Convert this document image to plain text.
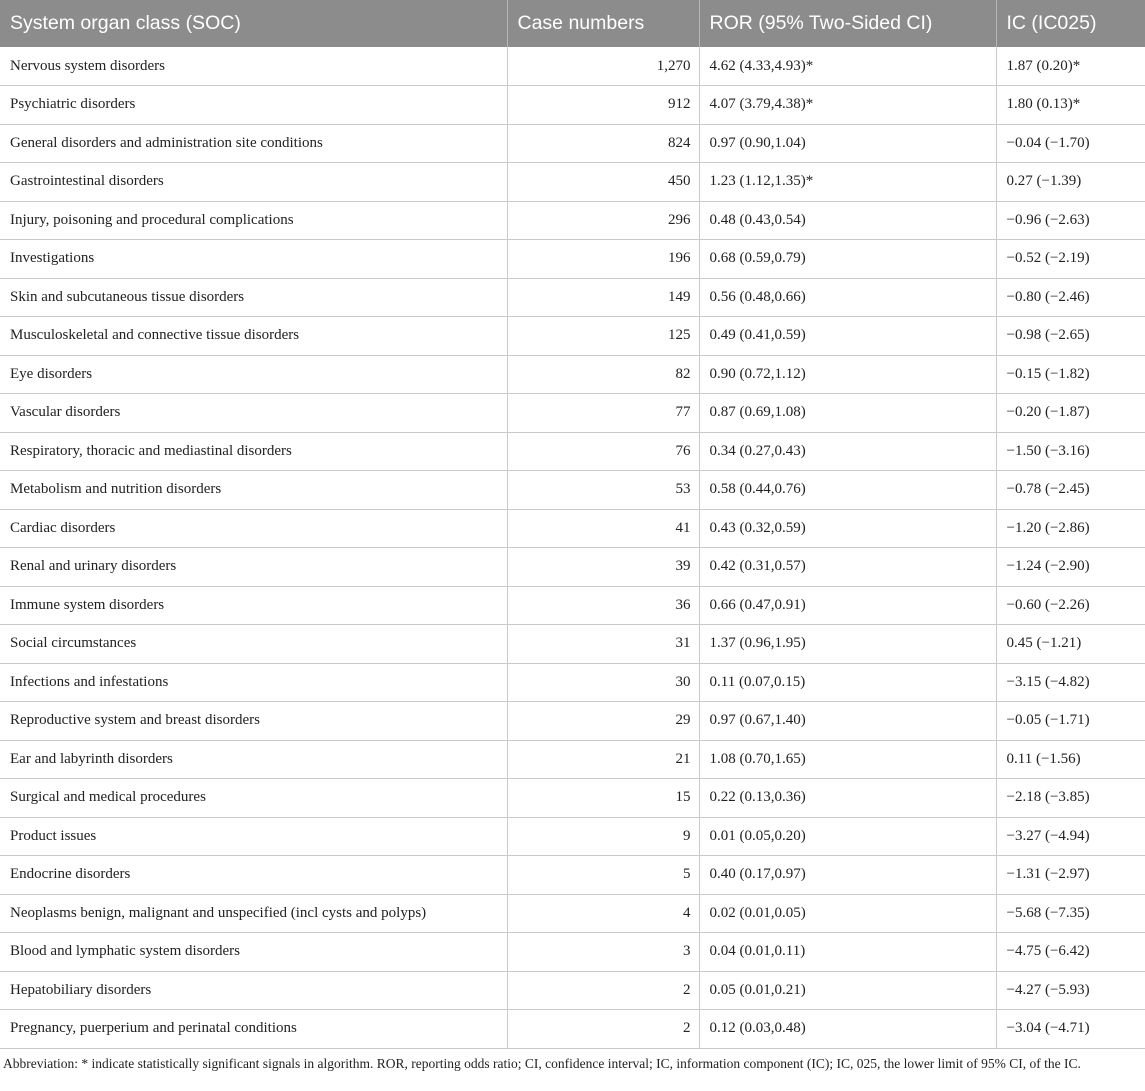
System organ class (SOC)	Case numbers	ROR (95% Two-Sided CI)	IC (IC025)
Nervous system disorders	1,270	4.62 (4.33,4.93)*	1.87 (0.20)*
Psychiatric disorders	912	4.07 (3.79,4.38)*	1.80 (0.13)*
General disorders and administration site conditions	824	0.97 (0.90,1.04)	−0.04 (−1.70)
Gastrointestinal disorders	450	1.23 (1.12,1.35)*	0.27 (−1.39)
Injury, poisoning and procedural complications	296	0.48 (0.43,0.54)	−0.96 (−2.63)
Investigations	196	0.68 (0.59,0.79)	−0.52 (−2.19)
Skin and subcutaneous tissue disorders	149	0.56 (0.48,0.66)	−0.80 (−2.46)
Musculoskeletal and connective tissue disorders	125	0.49 (0.41,0.59)	−0.98 (−2.65)
Eye disorders	82	0.90 (0.72,1.12)	−0.15 (−1.82)
Vascular disorders	77	0.87 (0.69,1.08)	−0.20 (−1.87)
Respiratory, thoracic and mediastinal disorders	76	0.34 (0.27,0.43)	−1.50 (−3.16)
Metabolism and nutrition disorders	53	0.58 (0.44,0.76)	−0.78 (−2.45)
Cardiac disorders	41	0.43 (0.32,0.59)	−1.20 (−2.86)
Renal and urinary disorders	39	0.42 (0.31,0.57)	−1.24 (−2.90)
Immune system disorders	36	0.66 (0.47,0.91)	−0.60 (−2.26)
Social circumstances	31	1.37 (0.96,1.95)	0.45 (−1.21)
Infections and infestations	30	0.11 (0.07,0.15)	−3.15 (−4.82)
Reproductive system and breast disorders	29	0.97 (0.67,1.40)	−0.05 (−1.71)
Ear and labyrinth disorders	21	1.08 (0.70,1.65)	0.11 (−1.56)
Surgical and medical procedures	15	0.22 (0.13,0.36)	−2.18 (−3.85)
Product issues	9	0.01 (0.05,0.20)	−3.27 (−4.94)
Endocrine disorders	5	0.40 (0.17,0.97)	−1.31 (−2.97)
Neoplasms benign, malignant and unspecified (incl cysts and polyps)	4	0.02 (0.01,0.05)	−5.68 (−7.35)
Blood and lymphatic system disorders	3	0.04 (0.01,0.11)	−4.75 (−6.42)
Hepatobiliary disorders	2	0.05 (0.01,0.21)	−4.27 (−5.93)
Pregnancy, puerperium and perinatal conditions	2	0.12 (0.03,0.48)	−3.04 (−4.71)
Abbreviation: * indicate statistically significant signals in algorithm. ROR, reporting odds ratio; CI, confidence interval; IC, information component (IC); IC, 025, the lower limit of 95% CI, of the IC.
